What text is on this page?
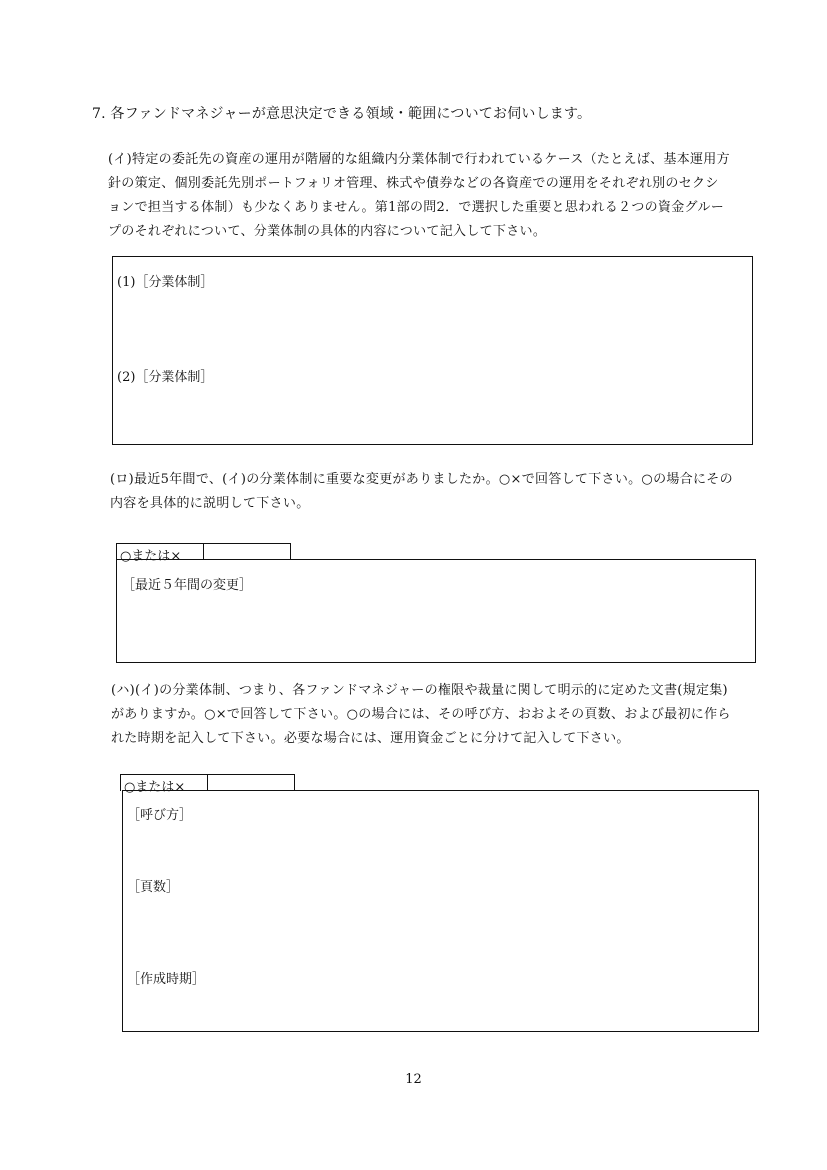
7. 各ファンドマネジャーが意思決定できる領域・範囲についてお伺いします。
(イ)特定の委託先の資産の運用が階層的な組織内分業体制で行われているケース（たとえば、基本運用方
針の策定、個別委託先別ポートフォリオ管理、株式や債券などの各資産での運用をそれぞれ別のセクシ
ョンで担当する体制）も少なくありません。第1部の問2．で選択した重要と思われる２つの資金グルー
プのそれぞれについて、分業体制の具体的内容について記入して下さい。
(1)［分業体制］
(2)［分業体制］
(ロ)最近5年間で、(イ)の分業体制に重要な変更がありましたか。○×で回答して下さい。○の場合にその
内容を具体的に説明して下さい。
○または×
［最近５年間の変更］
(ハ)(イ)の分業体制、つまり、各ファンドマネジャーの権限や裁量に関して明示的に定めた文書(規定集)
がありますか。○×で回答して下さい。○の場合には、その呼び方、おおよその頁数、および最初に作ら
れた時期を記入して下さい。必要な場合には、運用資金ごとに分けて記入して下さい。
○または×
［呼び方］
［頁数］
［作成時期］
12
